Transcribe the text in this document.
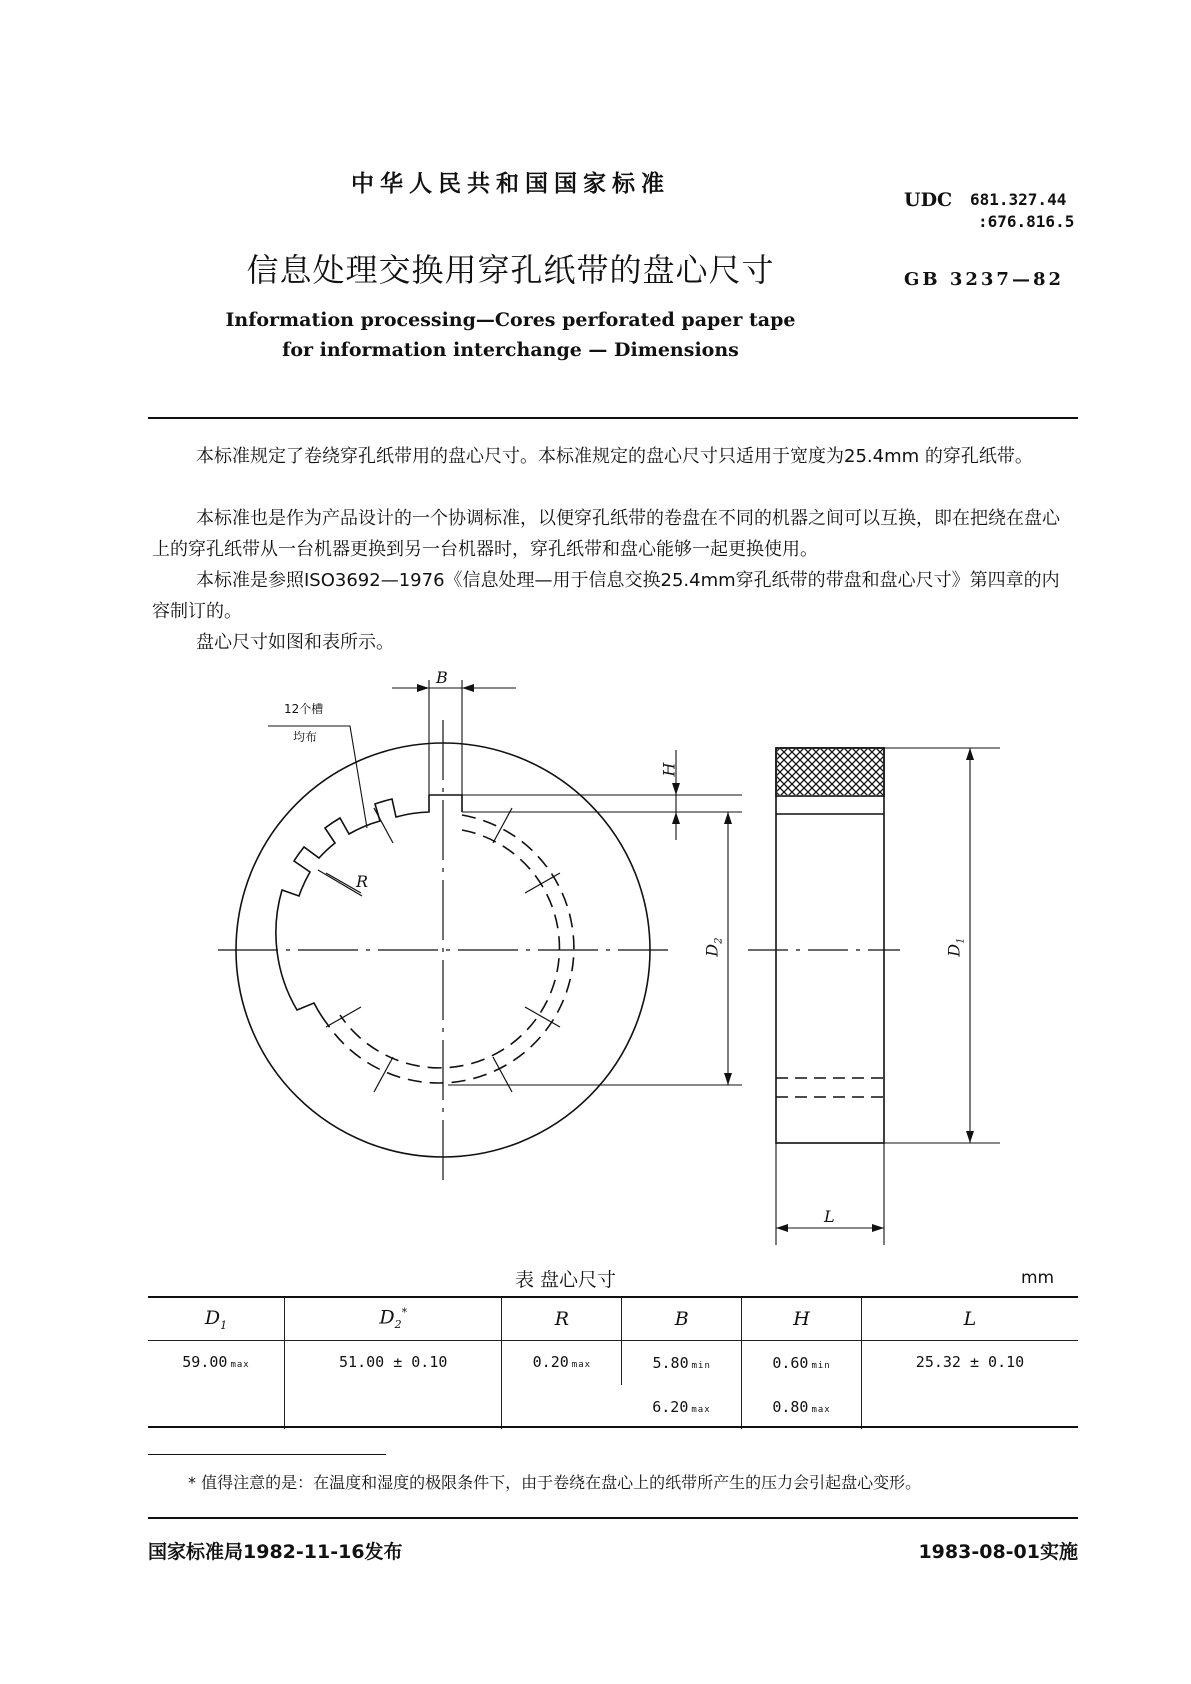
中华人民共和国国家标准
UDC 681.327.44
:676.816.5
信息处理交换用穿孔纸带的盘心尺寸	GB 3237—82
Information processing—Cores perforated paper tape
for information interchange — Dimensions

本标准规定了卷绕穿孔纸带用的盘心尺寸。本标准规定的盘心尺寸只适用于宽度为25.4mm 的穿孔纸带。

本标准也是作为产品设计的一个协调标准，以便穿孔纸带的卷盘在不同的机器之间可以互换，即在把绕在盘心上的穿孔纸带从一台机器更换到另一台机器时，穿孔纸带和盘心能够一起更换使用。

本标准是参照ISO3692—1976《信息处理—用于信息交换25.4mm穿孔纸带的带盘和盘心尺寸》第四章的内容制订的。

盘心尺寸如图和表所示。

B
H
R
12个槽
均布
$D_2$
$D_1$
L
表 盘心尺寸	mm
$D_1$	$D_2^*$	R	B	H	L
59.00 max	51.00 ± 0.10	0.20 max	5.80 min	0.60 min	25.32 ± 0.10
			6.20 max	0.80 max	
* 值得注意的是：在温度和湿度的极限条件下，由于卷绕在盘心上的纸带所产生的压力会引起盘心变形。
国家标准局1982-11-16发布	1983-08-01实施
